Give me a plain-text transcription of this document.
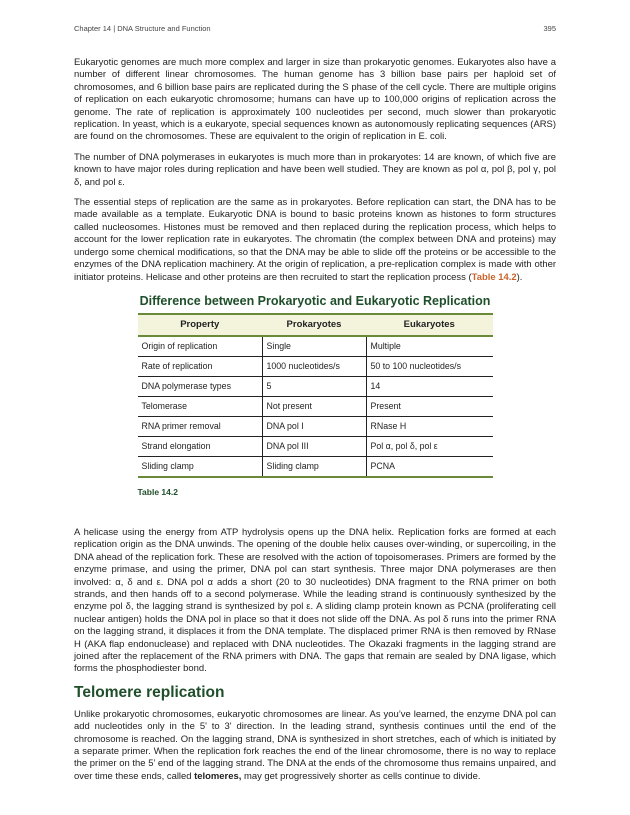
Chapter 14 | DNA Structure and Function	395

Eukaryotic genomes are much more complex and larger in size than prokaryotic genomes. Eukaryotes also have a number of different linear chromosomes. The human genome has 3 billion base pairs per haploid set of chromosomes, and 6 billion base pairs are replicated during the S phase of the cell cycle. There are multiple origins of replication on each eukaryotic chromosome; humans can have up to 100,000 origins of replication across the genome. The rate of replication is approximately 100 nucleotides per second, much slower than prokaryotic replication. In yeast, which is a eukaryote, special sequences known as autonomously replicating sequences (ARS) are found on the chromosomes. These are equivalent to the origin of replication in E. coli.

The number of DNA polymerases in eukaryotes is much more than in prokaryotes: 14 are known, of which five are known to have major roles during replication and have been well studied. They are known as pol α, pol β, pol γ, pol δ, and pol ε.

The essential steps of replication are the same as in prokaryotes. Before replication can start, the DNA has to be made available as a template. Eukaryotic DNA is bound to basic proteins known as histones to form structures called nucleosomes. Histones must be removed and then replaced during the replication process, which helps to account for the lower replication rate in eukaryotes. The chromatin (the complex between DNA and proteins) may undergo some chemical modifications, so that the DNA may be able to slide off the proteins or be accessible to the enzymes of the DNA replication machinery. At the origin of replication, a pre-replication complex is made with other initiator proteins. Helicase and other proteins are then recruited to start the replication process (Table 14.2).

Difference between Prokaryotic and Eukaryotic Replication
Property	Prokaryotes	Eukaryotes
Origin of replication	Single	Multiple
Rate of replication	1000 nucleotides/s	50 to 100 nucleotides/s
DNA polymerase types	5	14
Telomerase	Not present	Present
RNA primer removal	DNA pol I	RNase H
Strand elongation	DNA pol III	Pol α, pol δ, pol ε
Sliding clamp	Sliding clamp	PCNA
Table 14.2

A helicase using the energy from ATP hydrolysis opens up the DNA helix. Replication forks are formed at each replication origin as the DNA unwinds. The opening of the double helix causes over-winding, or supercoiling, in the DNA ahead of the replication fork. These are resolved with the action of topoisomerases. Primers are formed by the enzyme primase, and using the primer, DNA pol can start synthesis. Three major DNA polymerases are then involved: α, δ and ε. DNA pol α adds a short (20 to 30 nucleotides) DNA fragment to the RNA primer on both strands, and then hands off to a second polymerase. While the leading strand is continuously synthesized by the enzyme pol δ, the lagging strand is synthesized by pol ε. A sliding clamp protein known as PCNA (proliferating cell nuclear antigen) holds the DNA pol in place so that it does not slide off the DNA. As pol δ runs into the primer RNA on the lagging strand, it displaces it from the DNA template. The displaced primer RNA is then removed by RNase H (AKA flap endonuclease) and replaced with DNA nucleotides. The Okazaki fragments in the lagging strand are joined after the replacement of the RNA primers with DNA. The gaps that remain are sealed by DNA ligase, which forms the phosphodiester bond.

Telomere replication

Unlike prokaryotic chromosomes, eukaryotic chromosomes are linear. As you’ve learned, the enzyme DNA pol can add nucleotides only in the 5' to 3' direction. In the leading strand, synthesis continues until the end of the chromosome is reached. On the lagging strand, DNA is synthesized in short stretches, each of which is initiated by a separate primer. When the replication fork reaches the end of the linear chromosome, there is no way to replace the primer on the 5’ end of the lagging strand. The DNA at the ends of the chromosome thus remains unpaired, and over time these ends, called telomeres, may get progressively shorter as cells continue to divide.
